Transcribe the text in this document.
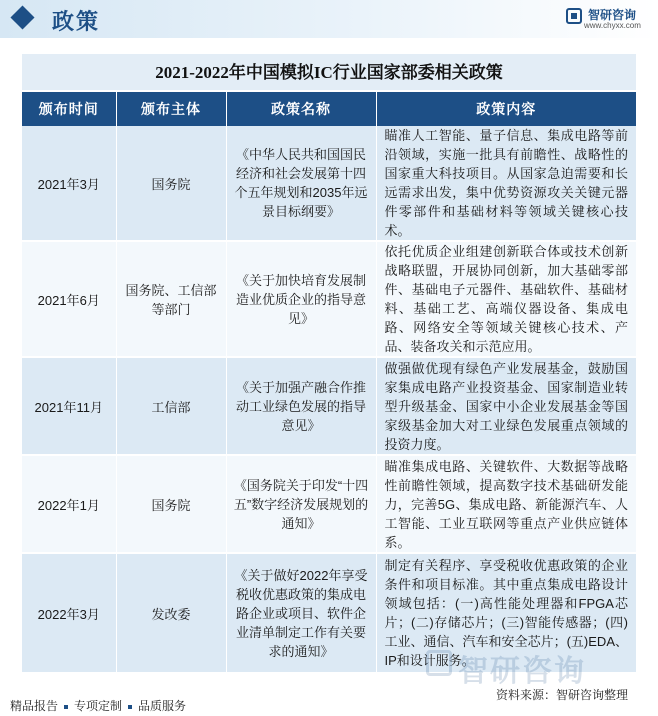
政策	智研咨询
www.chyxx.com
2021-2022年中国模拟IC行业国家部委相关政策
颁布时间	颁布主体	政策名称	政策内容
2021年3月	国务院	《中华人民共和国国民经济和社会发展第十四个五年规划和2035年远景目标纲要》	瞄准人工智能、量子信息、集成电路等前沿领域，实施一批具有前瞻性、战略性的国家重大科技项目。从国家急迫需要和长远需求出发，集中优势资源攻关关键元器件零部件和基础材料等领域关键核心技术。
2021年6月	国务院、工信部等部门	《关于加快培育发展制造业优质企业的指导意见》	依托优质企业组建创新联合体或技术创新战略联盟，开展协同创新，加大基础零部件、基础电子元器件、基础软件、基础材料、基础工艺、高端仪器设备、集成电路、网络安全等领域关键核心技术、产品、装备攻关和示范应用。
2021年11月	工信部	《关于加强产融合作推动工业绿色发展的指导意见》	做强做优现有绿色产业发展基金，鼓励国家集成电路产业投资基金、国家制造业转型升级基金、国家中小企业发展基金等国家级基金加大对工业绿色发展重点领域的投资力度。
2022年1月	国务院	《国务院关于印发“十四五”数字经济发展规划的通知》	瞄准集成电路、关键软件、大数据等战略性前瞻性领域，提高数字技术基础研发能力，完善5G、集成电路、新能源汽车、人工智能、工业互联网等重点产业供应链体系。
2022年3月	发改委	《关于做好2022年享受税收优惠政策的集成电路企业或项目、软件企业清单制定工作有关要求的通知》	制定有关程序、享受税收优惠政策的企业条件和项目标准。其中重点集成电路设计领域包括：(一)高性能处理器和FPGA芯片；(二)存储芯片；(三)智能传感器；(四)工业、通信、汽车和安全芯片；(五)EDA、IP和设计服务。
智研咨询
精品报告 专项定制 品质服务
资料来源：智研咨询整理
